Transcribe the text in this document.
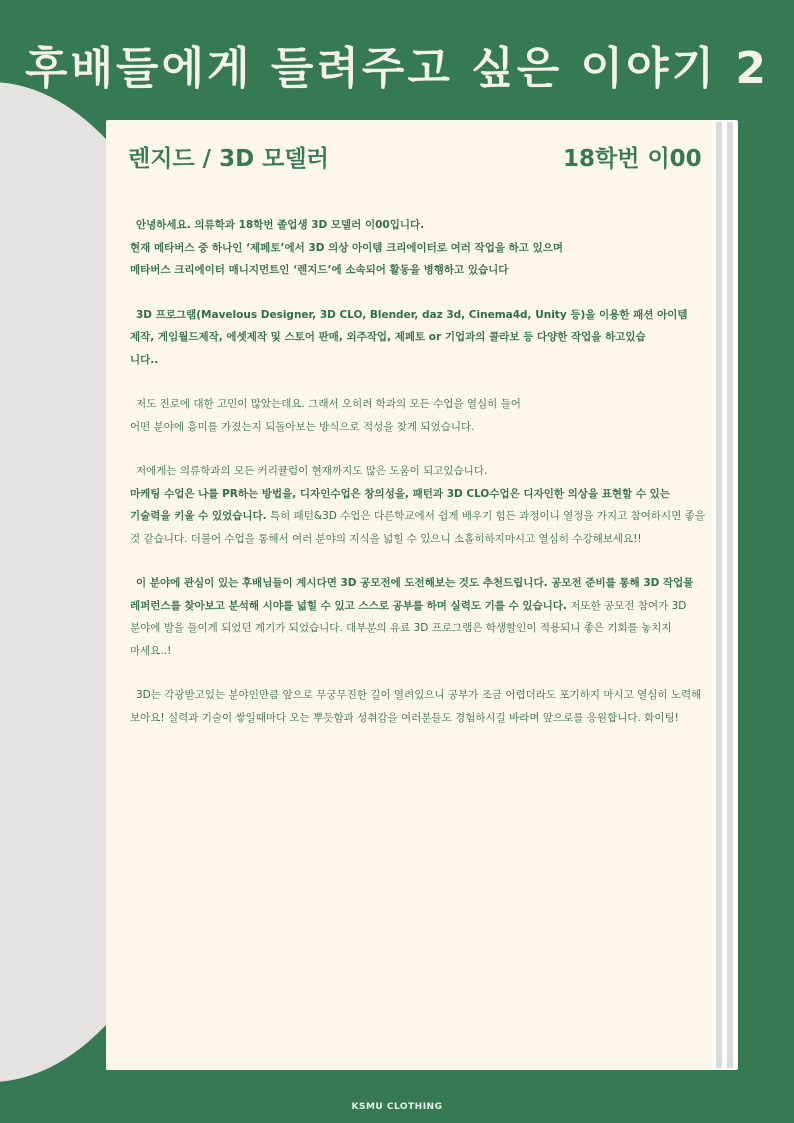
후배들에게 들려주고 싶은 이야기 2
렌지드 / 3D 모델러	18학번 이00

안녕하세요. 의류학과 18학번 졸업생 3D 모델러 이00입니다.
현재 메타버스 중 하나인 ‘제페토’에서 3D 의상 아이템 크리에이터로 여러 작업을 하고 있으며
메타버스 크리에이터 매니지먼트인 ‘렌지드’에 소속되어 활동을 병행하고 있습니다

3D 프로그램(Mavelous Designer, 3D CLO, Blender, daz 3d, Cinema4d, Unity 등)을 이용한 패션 아이템
제작, 게임월드제작, 에셋제작 및 스토어 판매, 외주작업, 제페토 or 기업과의 콜라보 등 다양한 작업을 하고있습
니다..

저도 진로에 대한 고민이 많았는데요. 그래서 오히려 학과의 모든 수업을 열심히 들어
어떤 분야에 흥미를 가졌는지 되돌아보는 방식으로 적성을 찾게 되었습니다.

저에게는 의류학과의 모든 커리큘럼이 현재까지도 많은 도움이 되고있습니다.
마케팅 수업은 나를 PR하는 방법을, 디자인수업은 창의성을, 패턴과 3D CLO수업은 디자인한 의상을 표현할 수 있는 기술력을 키울 수 있었습니다. 특히 패턴&3D 수업은 다른학교에서 쉽게 배우기 힘든 과정이니 열정을 가지고 참여하시면 좋을 것 같습니다. 더불어 수업을 통해서 여러 분야의 지식을 넓힐 수 있으니 소홀히하지마시고 열심히 수강해보세요!!

이 분야에 관심이 있는 후배님들이 계시다면 3D 공모전에 도전해보는 것도 추천드립니다. 공모전 준비를 통해 3D 작업물 레퍼런스를 찾아보고 분석해 시야를 넓힐 수 있고 스스로 공부를 하며 실력도 기를 수 있습니다. 저또한 공모전 참여가 3D 분야에 발을 들이게 되었던 계기가 되었습니다. 대부분의 유료 3D 프로그램은 학생할인이 적용되니 좋은 기회를 놓치지 마세요..!

3D는 각광받고있는 분야인만큼 앞으로 무궁무진한 길이 열려있으니 공부가 조금 어렵더라도 포기하지 마시고 열심히 노력해 보아요! 실력과 기술이 쌓일때마다 오는 뿌듯함과 성취감을 여러분들도 경험하시길 바라며 앞으로를 응원합니다. 화이팅!

KSMU CLOTHING
